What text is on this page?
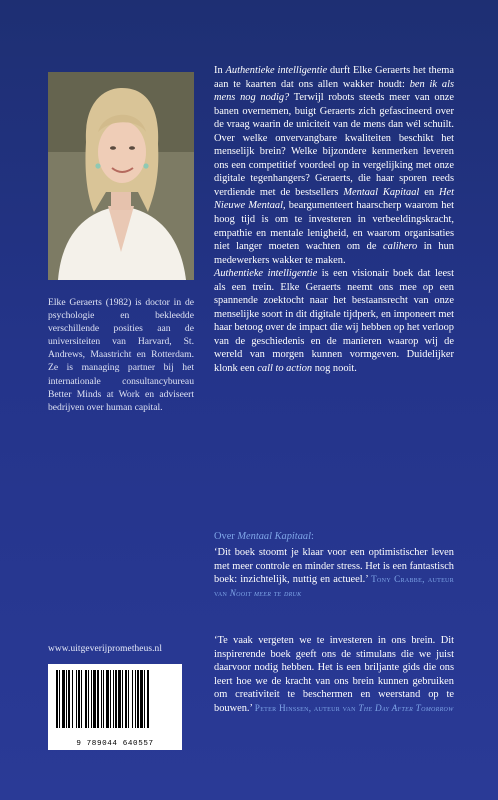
Elke Geraerts (1982) is doctor in de psychologie en bekleedde verschillende posities aan de universiteiten van Harvard, St. Andrews, Maastricht en Rotterdam. Ze is managing partner bij het internationale consultancybureau Better Minds at Work en adviseert bedrijven over human capital.
www.uitgeverijprometheus.nl
9 789044 640557

In Authentieke intelligentie durft Elke Geraerts het thema aan te kaarten dat ons allen wakker houdt: ben ik als mens nog nodig? Terwijl robots steeds meer van onze banen overnemen, buigt Geraerts zich gefascineerd over de vraag waarin de uniciteit van de mens dan wél schuilt. Over welke onvervangbare kwaliteiten beschikt het menselijk brein? Welke bijzondere kenmerken leveren ons een competitief voordeel op in vergelijking met onze digitale tegenhangers? Geraerts, die haar sporen reeds verdiende met de bestsellers Mentaal Kapitaal en Het Nieuwe Mentaal, beargumenteert haarscherp waarom het hoog tijd is om te investeren in verbeeldingskracht, empathie en mentale lenigheid, en waarom organisaties niet langer moeten wachten om de calihero in hun medewerkers wakker te maken.

Authentieke intelligentie is een visionair boek dat leest als een trein. Elke Geraerts neemt ons mee op een spannende zoektocht naar het bestaansrecht van onze menselijke soort in dit digitale tijdperk, en imponeert met haar betoog over de impact die wij hebben op het verloop van de geschiedenis en de manieren waarop wij de wereld van morgen kunnen vormgeven. Duidelijker klonk een call to action nog nooit.

Over Mentaal Kapitaal:
‘Dit boek stoomt je klaar voor een optimistischer leven met meer controle en minder stress. Het is een fantastisch boek: inzichtelijk, nuttig en actueel.’ Tony Crabbe, auteur van Nooit meer te druk
‘Te vaak vergeten we te investeren in ons brein. Dit inspirerende boek geeft ons de stimulans die we juist daarvoor nodig hebben. Het is een briljante gids die ons leert hoe we de kracht van ons brein kunnen gebruiken om creativiteit te beschermen en weerstand op te bouwen.’ Peter Hinssen, auteur van The Day After Tomorrow
